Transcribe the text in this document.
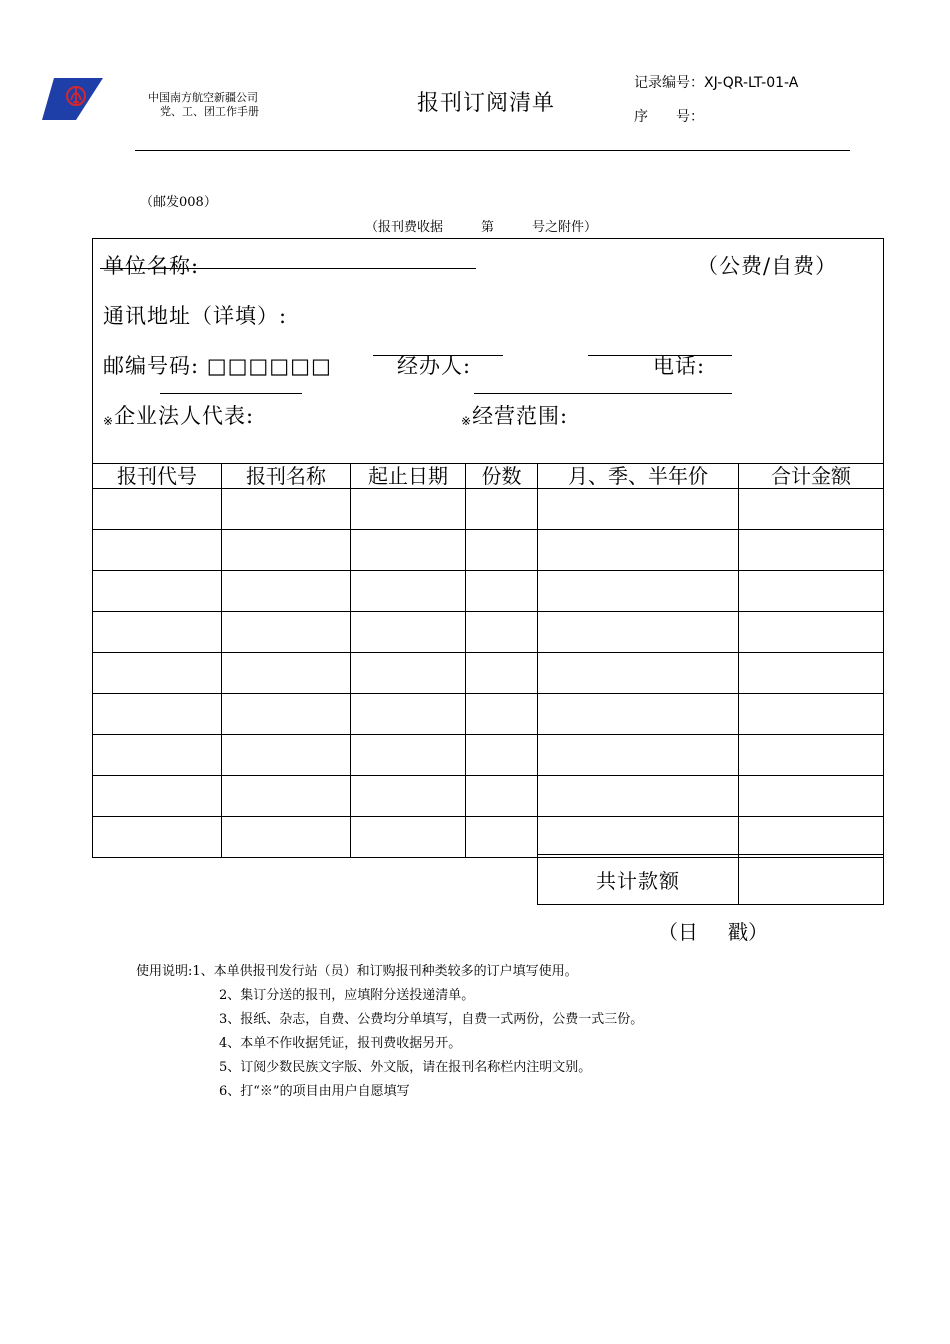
中国南方航空新疆公司
党、工、团工作手册	报刊订阅清单
记录编号：XJ-QR-LT-01-A
序　　号：
（邮发008）
（报刊费收据	第	号之附件）
单位名称:	（公费/自费）
通讯地址（详填）:
邮编号码: □□□□□□	经办人:	电话:
※企业法人代表:	※经营范围:
报刊代号	报刊名称	起止日期	份数	月、季、半年价	合计金额

共计款额	
（日 戳）
使用说明:1、本单供报刊发行站（员）和订购报刊种类较多的订户填写使用。
2、集订分送的报刊，应填附分送投递清单。
3、报纸、杂志，自费、公费均分单填写，自费一式两份，公费一式三份。
4、本单不作收据凭证，报刊费收据另开。
5、订阅少数民族文字版、外文版，请在报刊名称栏内注明文别。
6、打“※”的项目由用户自愿填写
